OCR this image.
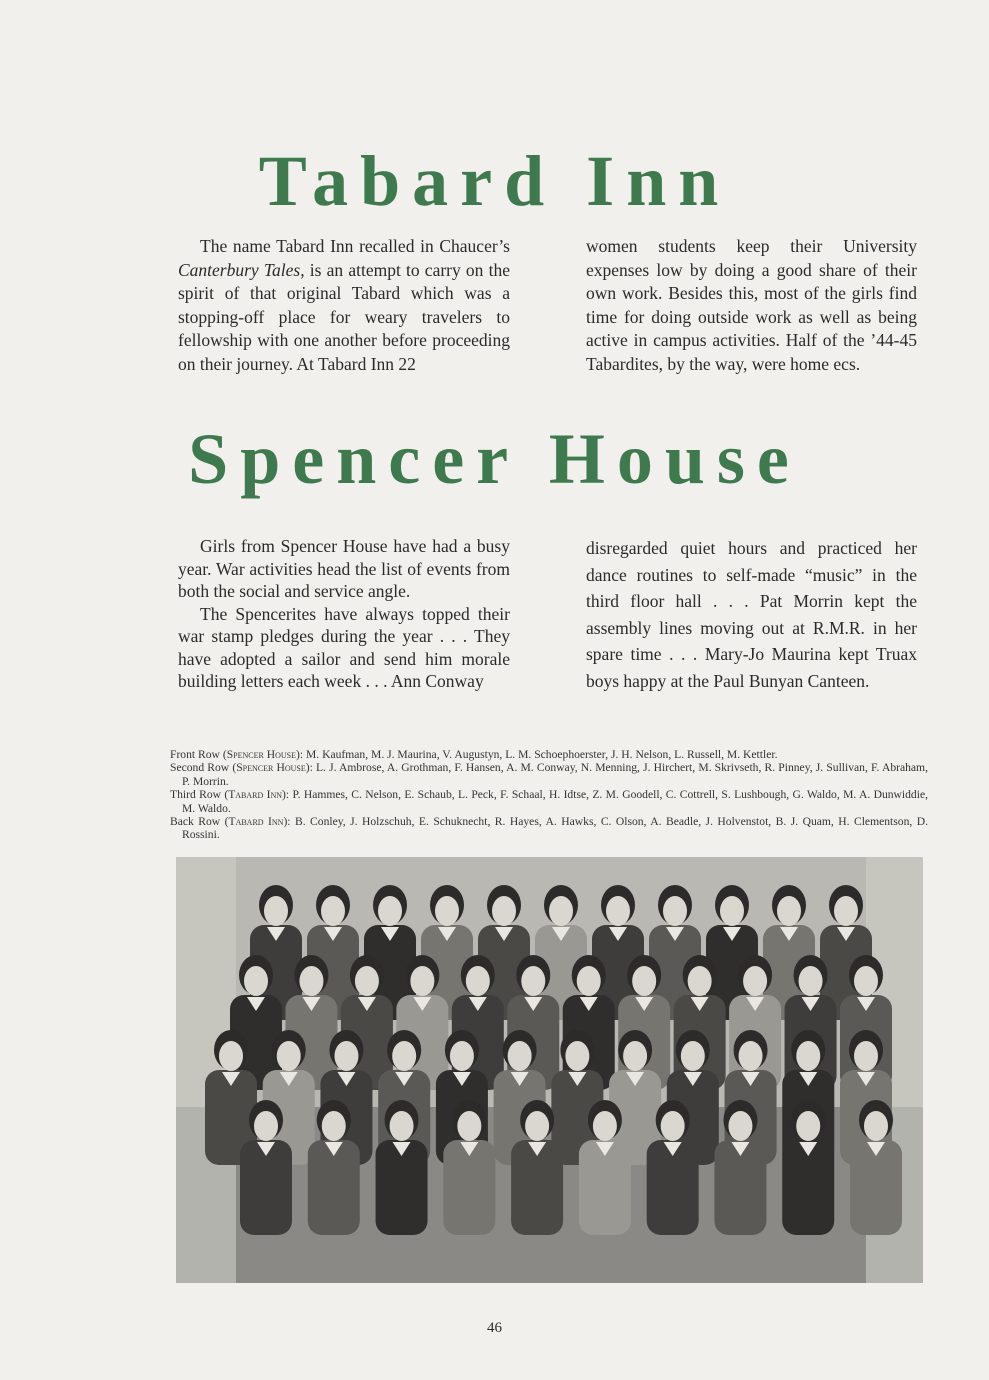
Tabard Inn

The name Tabard Inn recalled in Chaucer’s Canterbury Tales, is an attempt to carry on the spirit of that original Tabard which was a stopping-off place for weary travelers to fellowship with one another before proceeding on their journey. At Tabard Inn 22

women students keep their University expenses low by doing a good share of their own work. Besides this, most of the girls find time for doing outside work as well as being active in campus activities. Half of the ’44-45 Tabardites, by the way, were home ecs.

Spencer House

Girls from Spencer House have had a busy year. War activities head the list of events from both the social and service angle.

The Spencerites have always topped their war stamp pledges during the year . . . They have adopted a sailor and send him morale building letters each week . . . Ann Conway

disregarded quiet hours and practiced her dance routines to self-made “music” in the third floor hall . . . Pat Morrin kept the assembly lines moving out at R.M.R. in her spare time . . . Mary-Jo Maurina kept Truax boys happy at the Paul Bunyan Canteen.

Front Row (Spencer House): M. Kaufman, M. J. Maurina, V. Augustyn, L. M. Schoephoerster, J. H. Nelson, L. Russell, M. Kettler.

Second Row (Spencer House): L. J. Ambrose, A. Grothman, F. Hansen, A. M. Conway, N. Menning, J. Hirchert, M. Skrivseth, R. Pinney, J. Sullivan, F. Abraham, P. Morrin.

Third Row (Tabard Inn): P. Hammes, C. Nelson, E. Schaub, L. Peck, F. Schaal, H. Idtse, Z. M. Goodell, C. Cottrell, S. Lushbough, G. Waldo, M. A. Dunwiddie, M. Waldo.

Back Row (Tabard Inn): B. Conley, J. Holzschuh, E. Schuknecht, R. Hayes, A. Hawks, C. Olson, A. Beadle, J. Holvenstot, B. J. Quam, H. Clementson, D. Rossini.

46
